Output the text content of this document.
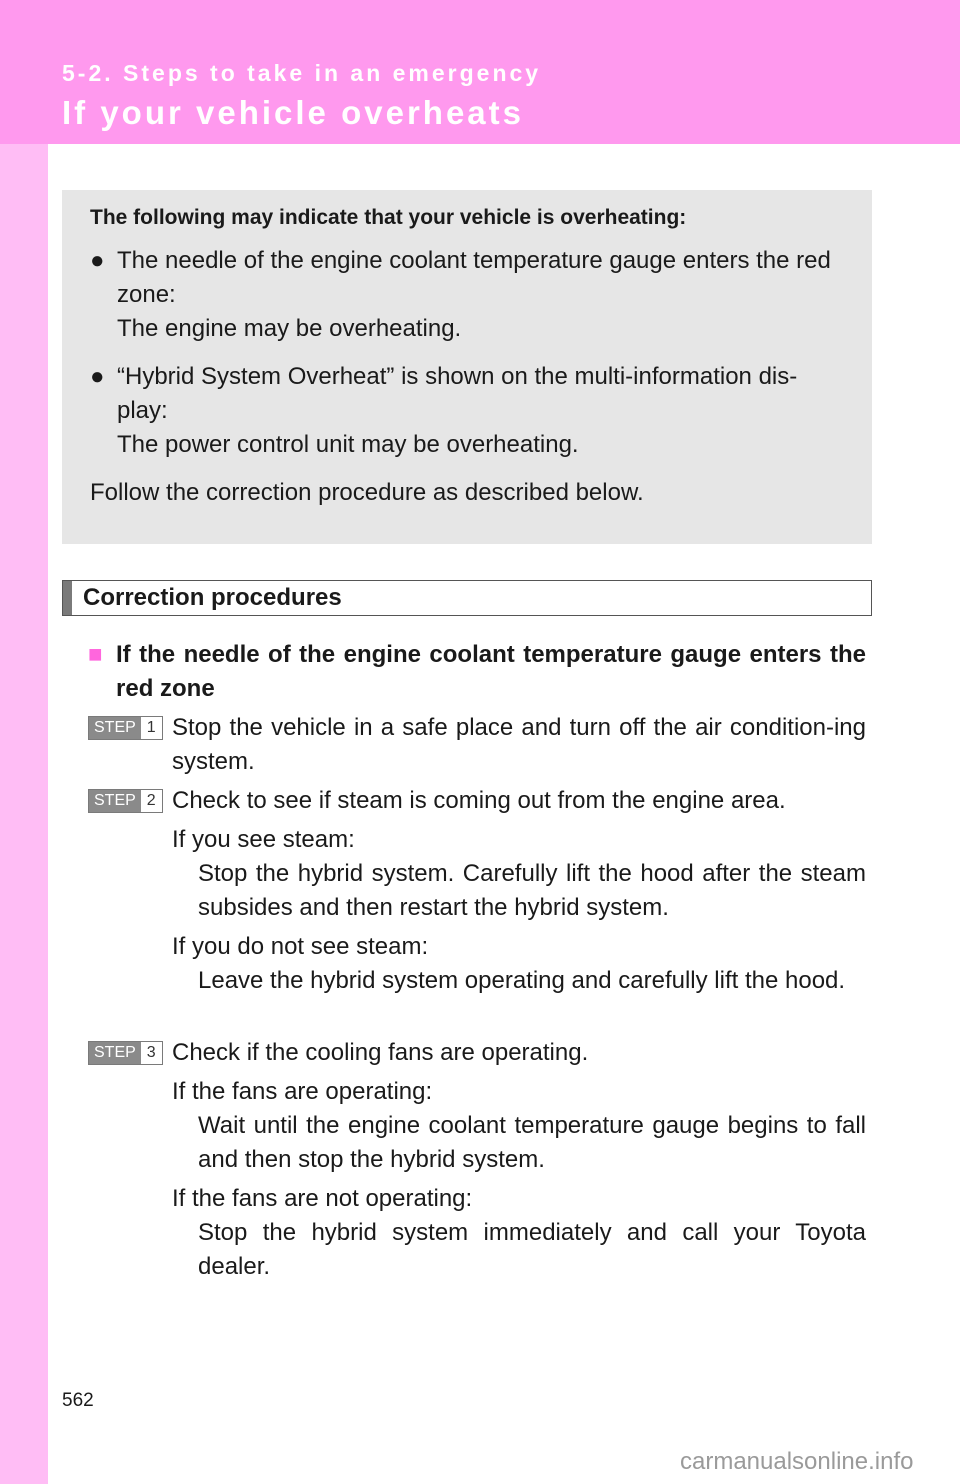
5-2. Steps to take in an emergency
If your vehicle overheats
The following may indicate that your vehicle is overheating:
● The needle of the engine coolant temperature gauge enters the red zone:
The engine may be overheating.
● “Hybrid System Overheat” is shown on the multi-information dis-play:
The power control unit may be overheating.
Follow the correction procedure as described below.
Correction procedures
■ If the needle of the engine coolant temperature gauge enters the red zone
STEP 1 Stop the vehicle in a safe place and turn off the air condition-ing system.
STEP 2 Check to see if steam is coming out from the engine area.
If you see steam:
Stop the hybrid system. Carefully lift the hood after the steam subsides and then restart the hybrid system.
If you do not see steam:
Leave the hybrid system operating and carefully lift the hood.
STEP 3 Check if the cooling fans are operating.
If the fans are operating:
Wait until the engine coolant temperature gauge begins to fall and then stop the hybrid system.
If the fans are not operating:
Stop the hybrid system immediately and call your Toyota dealer.
562
carmanualsonline.info
